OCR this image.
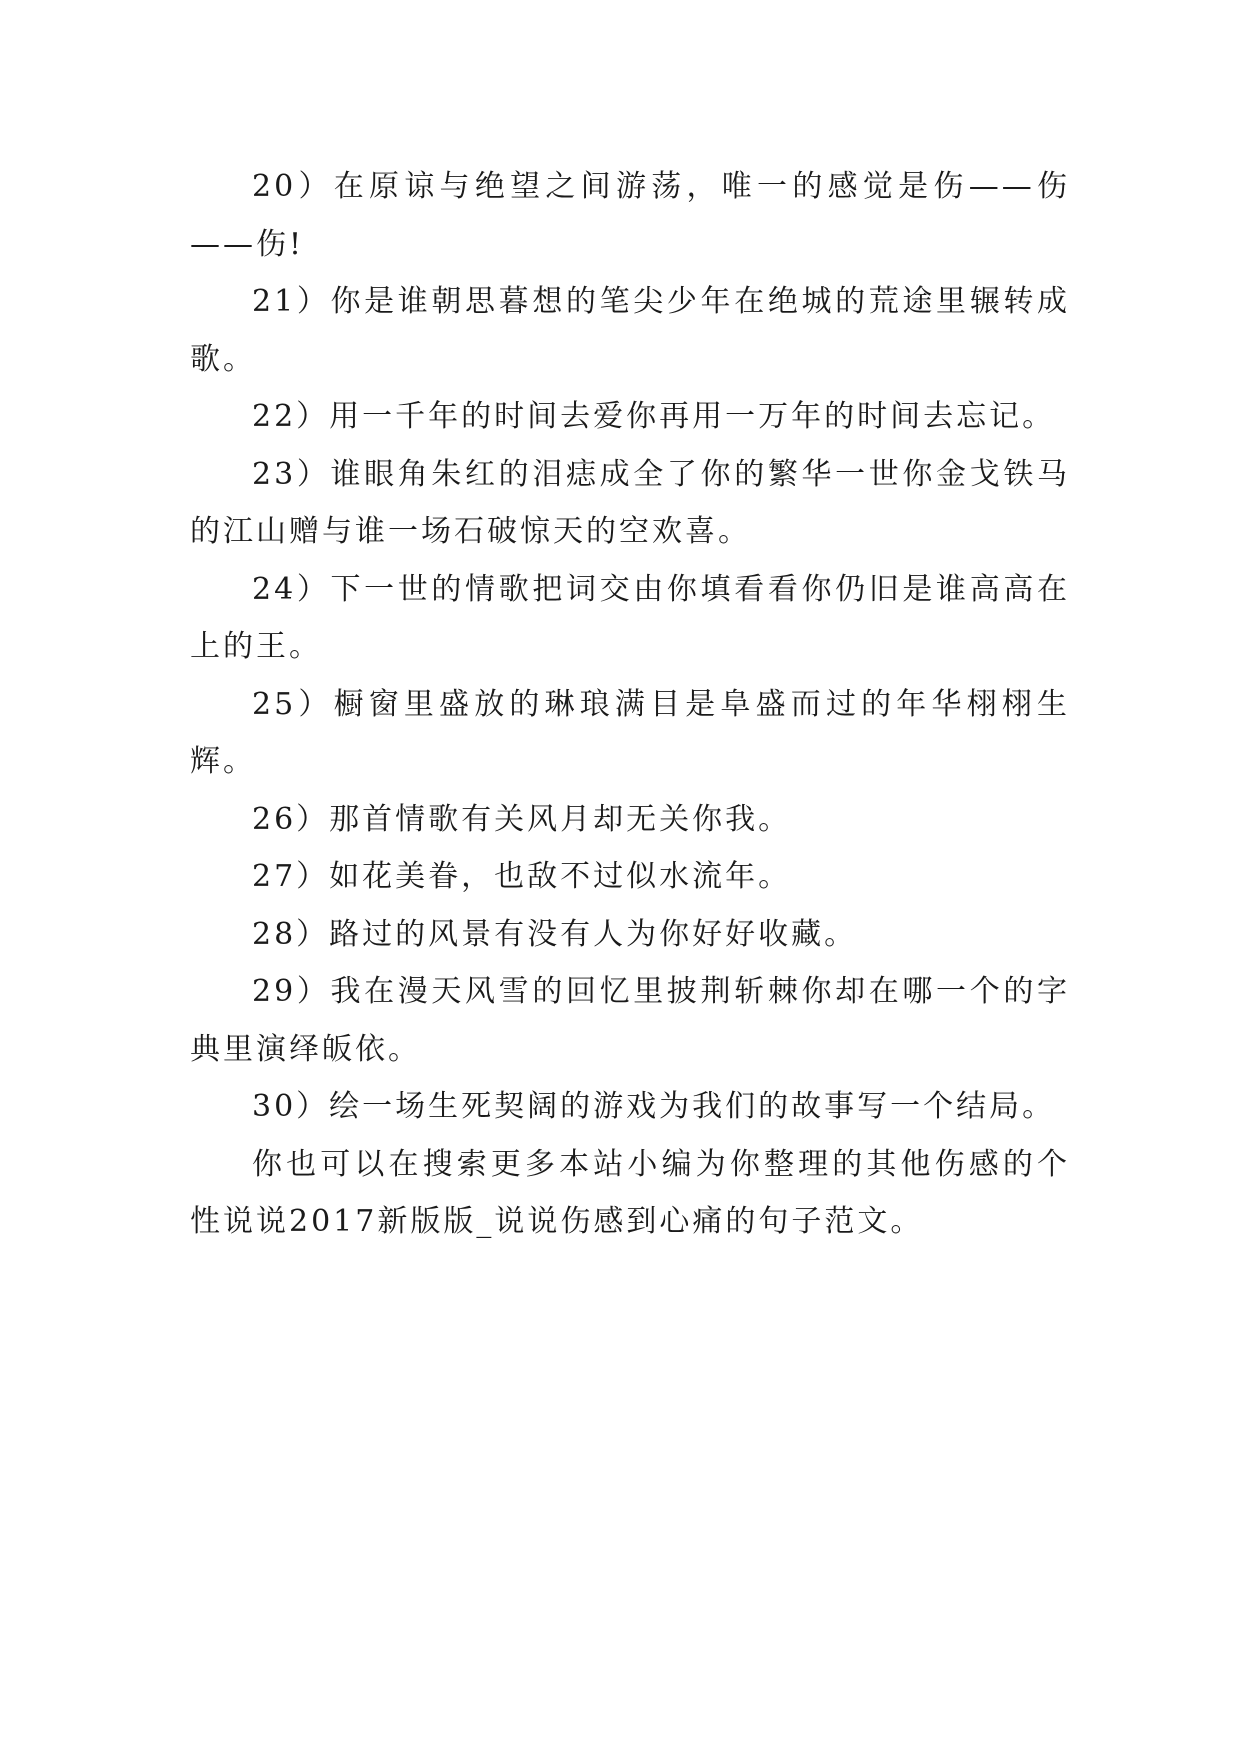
20）在原谅与绝望之间游荡，唯一的感觉是伤——伤——伤!

21）你是谁朝思暮想的笔尖少年在绝城的荒途里辗转成歌。

22）用一千年的时间去爱你再用一万年的时间去忘记。

23）谁眼角朱红的泪痣成全了你的繁华一世你金戈铁马的江山赠与谁一场石破惊天的空欢喜。

24）下一世的情歌把词交由你填看看你仍旧是谁高高在上的王。

25）橱窗里盛放的琳琅满目是阜盛而过的年华栩栩生辉。

26）那首情歌有关风月却无关你我。

27）如花美眷，也敌不过似水流年。

28）路过的风景有没有人为你好好收藏。

29）我在漫天风雪的回忆里披荆斩棘你却在哪一个的字典里演绎皈依。

30）绘一场生死契阔的游戏为我们的故事写一个结局。

你也可以在搜索更多本站小编为你整理的其他伤感的个性说说2017新版版_说说伤感到心痛的句子范文。
